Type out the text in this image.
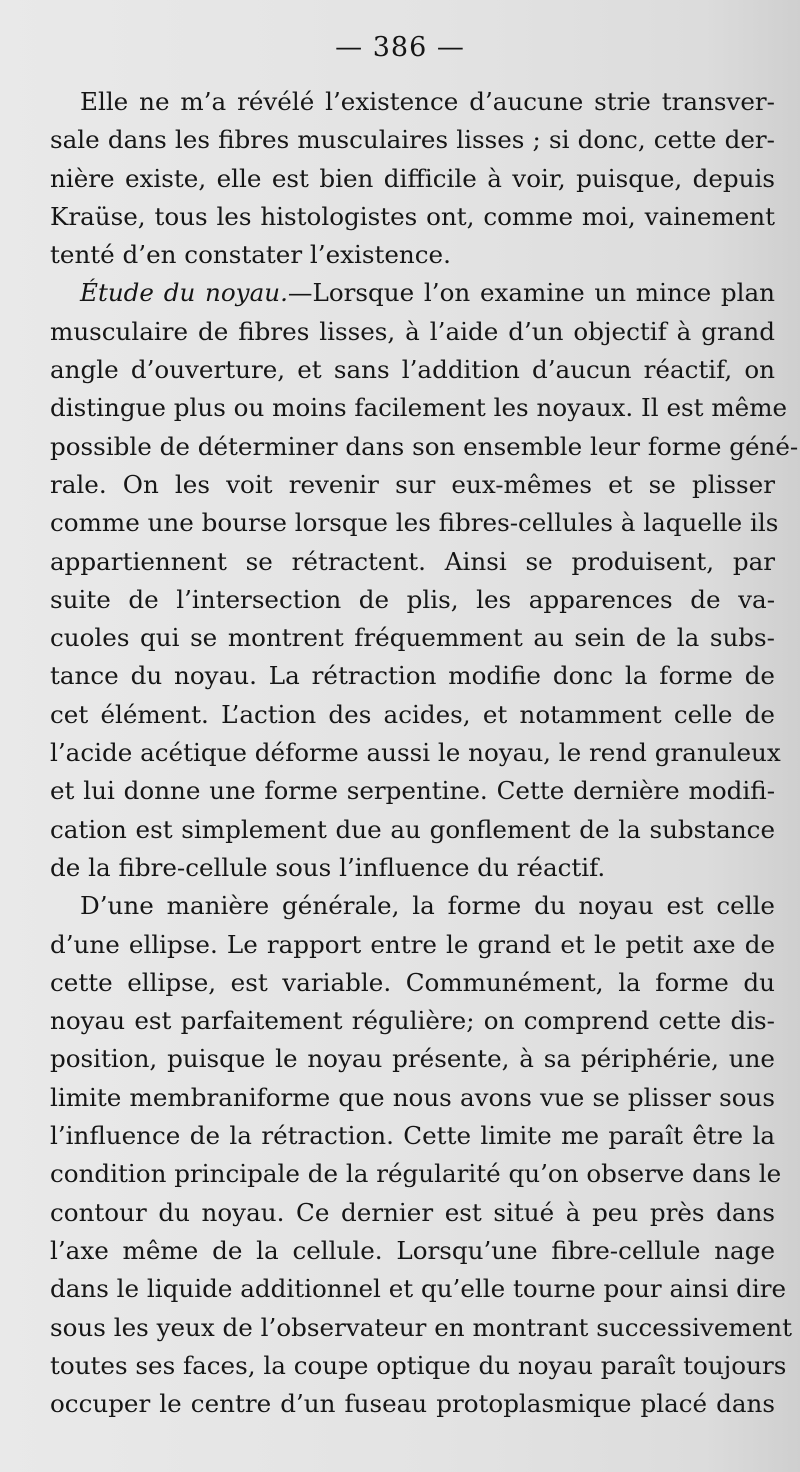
— 386 —
Elle ne m’a révélé l’existence d’aucune strie transver-
sale dans les fibres musculaires lisses ; si donc, cette der-
nière existe, elle est bien difficile à voir, puisque, depuis
Kraüse, tous les histologistes ont, comme moi, vainement
tenté d’en constater l’existence.
Étude du noyau.—Lorsque l’on examine un mince plan
musculaire de fibres lisses, à l’aide d’un objectif à grand
angle d’ouverture, et sans l’addition d’aucun réactif, on
distingue plus ou moins facilement les noyaux. Il est même
possible de déterminer dans son ensemble leur forme géné-
rale. On les voit revenir sur eux-mêmes et se plisser
comme une bourse lorsque les fibres-cellules à laquelle ils
appartiennent se rétractent. Ainsi se produisent, par
suite de l’intersection de plis, les apparences de va-
cuoles qui se montrent fréquemment au sein de la subs-
tance du noyau. La rétraction modifie donc la forme de
cet élément. L’action des acides, et notamment celle de
l’acide acétique déforme aussi le noyau, le rend granuleux
et lui donne une forme serpentine. Cette dernière modifi-
cation est simplement due au gonflement de la substance
de la fibre-cellule sous l’influence du réactif.
D’une manière générale, la forme du noyau est celle
d’une ellipse. Le rapport entre le grand et le petit axe de
cette ellipse, est variable. Communément, la forme du
noyau est parfaitement régulière; on comprend cette dis-
position, puisque le noyau présente, à sa périphérie, une
limite membraniforme que nous avons vue se plisser sous
l’influence de la rétraction. Cette limite me paraît être la
condition principale de la régularité qu’on observe dans le
contour du noyau. Ce dernier est situé à peu près dans
l’axe même de la cellule. Lorsqu’une fibre-cellule nage
dans le liquide additionnel et qu’elle tourne pour ainsi dire
sous les yeux de l’observateur en montrant successivement
toutes ses faces, la coupe optique du noyau paraît toujours
occuper le centre d’un fuseau protoplasmique placé dans
